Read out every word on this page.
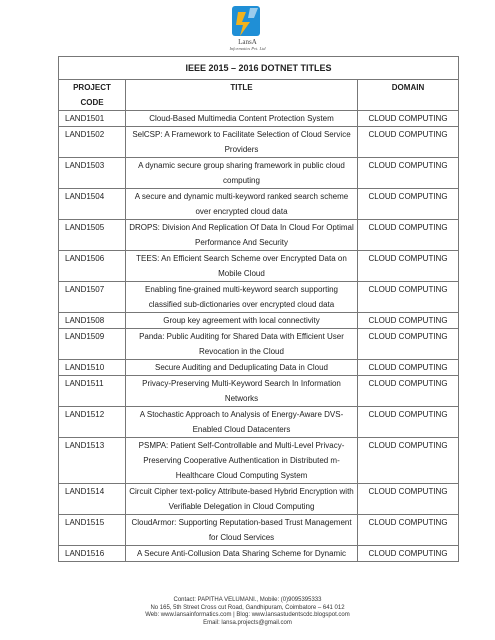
LansA
Informatics Pvt. Ltd
IEEE 2015 – 2016 DOTNET TITLES		
PROJECT CODE	TITLE	DOMAIN
LAND1501	Cloud-Based Multimedia Content Protection System	CLOUD COMPUTING
LAND1502	SelCSP: A Framework to Facilitate Selection of Cloud Service Providers	CLOUD COMPUTING
LAND1503	A dynamic secure group sharing framework in public cloud computing	CLOUD COMPUTING
LAND1504	A secure and dynamic multi-keyword ranked search scheme over encrypted cloud data	CLOUD COMPUTING
LAND1505	DROPS: Division And Replication Of Data In Cloud For Optimal Performance And Security	CLOUD COMPUTING
LAND1506	TEES: An Efficient Search Scheme over Encrypted Data on Mobile Cloud	CLOUD COMPUTING
LAND1507	Enabling fine-grained multi-keyword search supporting classified sub-dictionaries over encrypted cloud data	CLOUD COMPUTING
LAND1508	Group key agreement with local connectivity	CLOUD COMPUTING
LAND1509	Panda: Public Auditing for Shared Data with Efficient User Revocation in the Cloud	CLOUD COMPUTING
LAND1510	Secure Auditing and Deduplicating Data in Cloud	CLOUD COMPUTING
LAND1511	Privacy-Preserving Multi-Keyword Search In Information Networks	CLOUD COMPUTING
LAND1512	A Stochastic Approach to Analysis of Energy-Aware DVS-Enabled Cloud Datacenters	CLOUD COMPUTING
LAND1513	PSMPA: Patient Self-Controllable and Multi-Level Privacy-Preserving Cooperative Authentication in Distributed m-Healthcare Cloud Computing System	CLOUD COMPUTING
LAND1514	Circuit Cipher text-policy Attribute-based Hybrid Encryption with Verifiable Delegation in Cloud Computing	CLOUD COMPUTING
LAND1515	CloudArmor: Supporting Reputation-based Trust Management for Cloud Services	CLOUD COMPUTING
LAND1516	A Secure Anti-Collusion Data Sharing Scheme for Dynamic	CLOUD COMPUTING
Contact: PAPITHA VELUMANI., Mobile: (0)9095395333
No 165, 5th Street Cross cut Road, Gandhipuram, Coimbatore – 641 012
Web: www.lansainformatics.com | Blog: www.lansastudentscdc.blogspot.com
Email: lansa.projects@gmail.com
